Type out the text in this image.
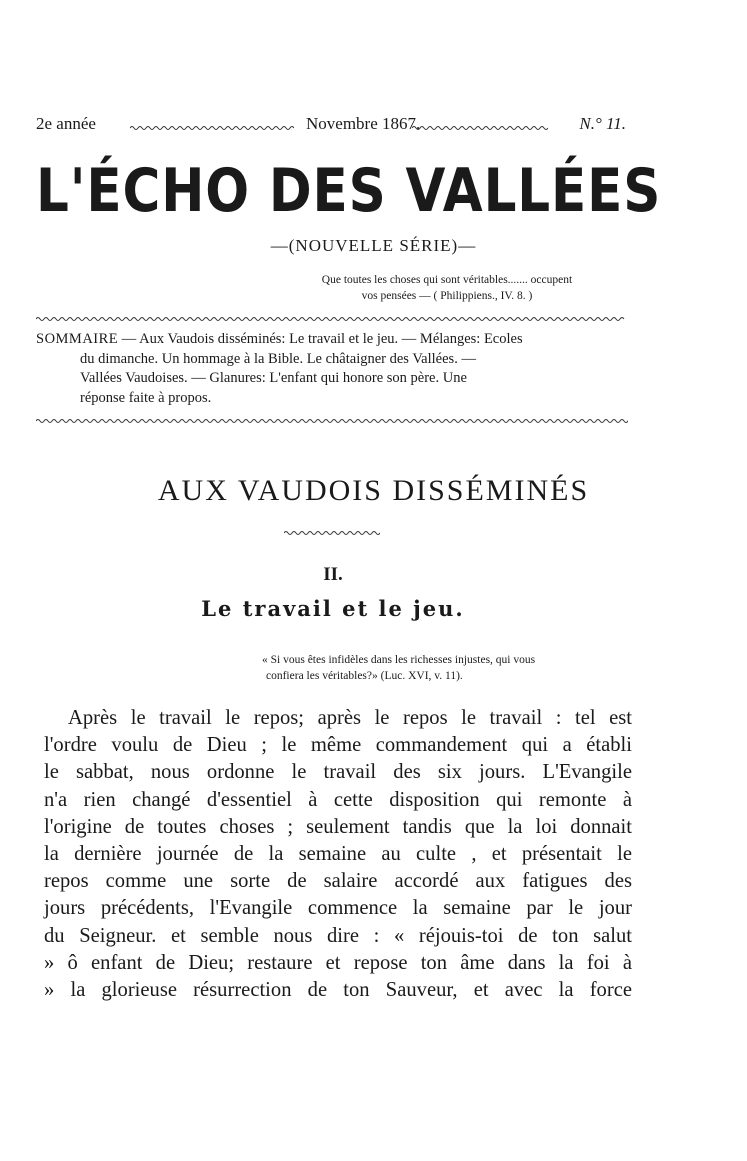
2e année	Novembre 1867.	N.° 11.
L'ÉCHO DES VALLÉES
—(NOUVELLE SÉRIE)—
Que toutes les choses qui sont véritables....... occupent
vos pensées — ( Philippiens., IV. 8. )
SOMMAIRE — Aux Vaudois disséminés: Le travail et le jeu. — Mélanges: Ecoles
du dimanche. Un hommage à la Bible. Le châtaigner des Vallées. —
Vallées Vaudoises. — Glanures: L'enfant qui honore son père. Une
réponse faite à propos.
AUX VAUDOIS DISSÉMINÉS
II.
Le travail et le jeu.
« Si vous êtes infidèles dans les richesses injustes, qui vous
confiera les véritables?» (Luc. XVI, v. 11).
Après le travail le repos; après le repos le travail : tel est
l'ordre voulu de Dieu ; le même commandement qui a établi
le sabbat, nous ordonne le travail des six jours. L'Evangile
n'a rien changé d'essentiel à cette disposition qui remonte à
l'origine de toutes choses ; seulement tandis que la loi donnait
la dernière journée de la semaine au culte , et présentait le
repos comme une sorte de salaire accordé aux fatigues des
jours précédents, l'Evangile commence la semaine par le jour
du Seigneur. et semble nous dire : « réjouis-toi de ton salut
» ô enfant de Dieu; restaure et repose ton âme dans la foi à
» la glorieuse résurrection de ton Sauveur, et avec la force
